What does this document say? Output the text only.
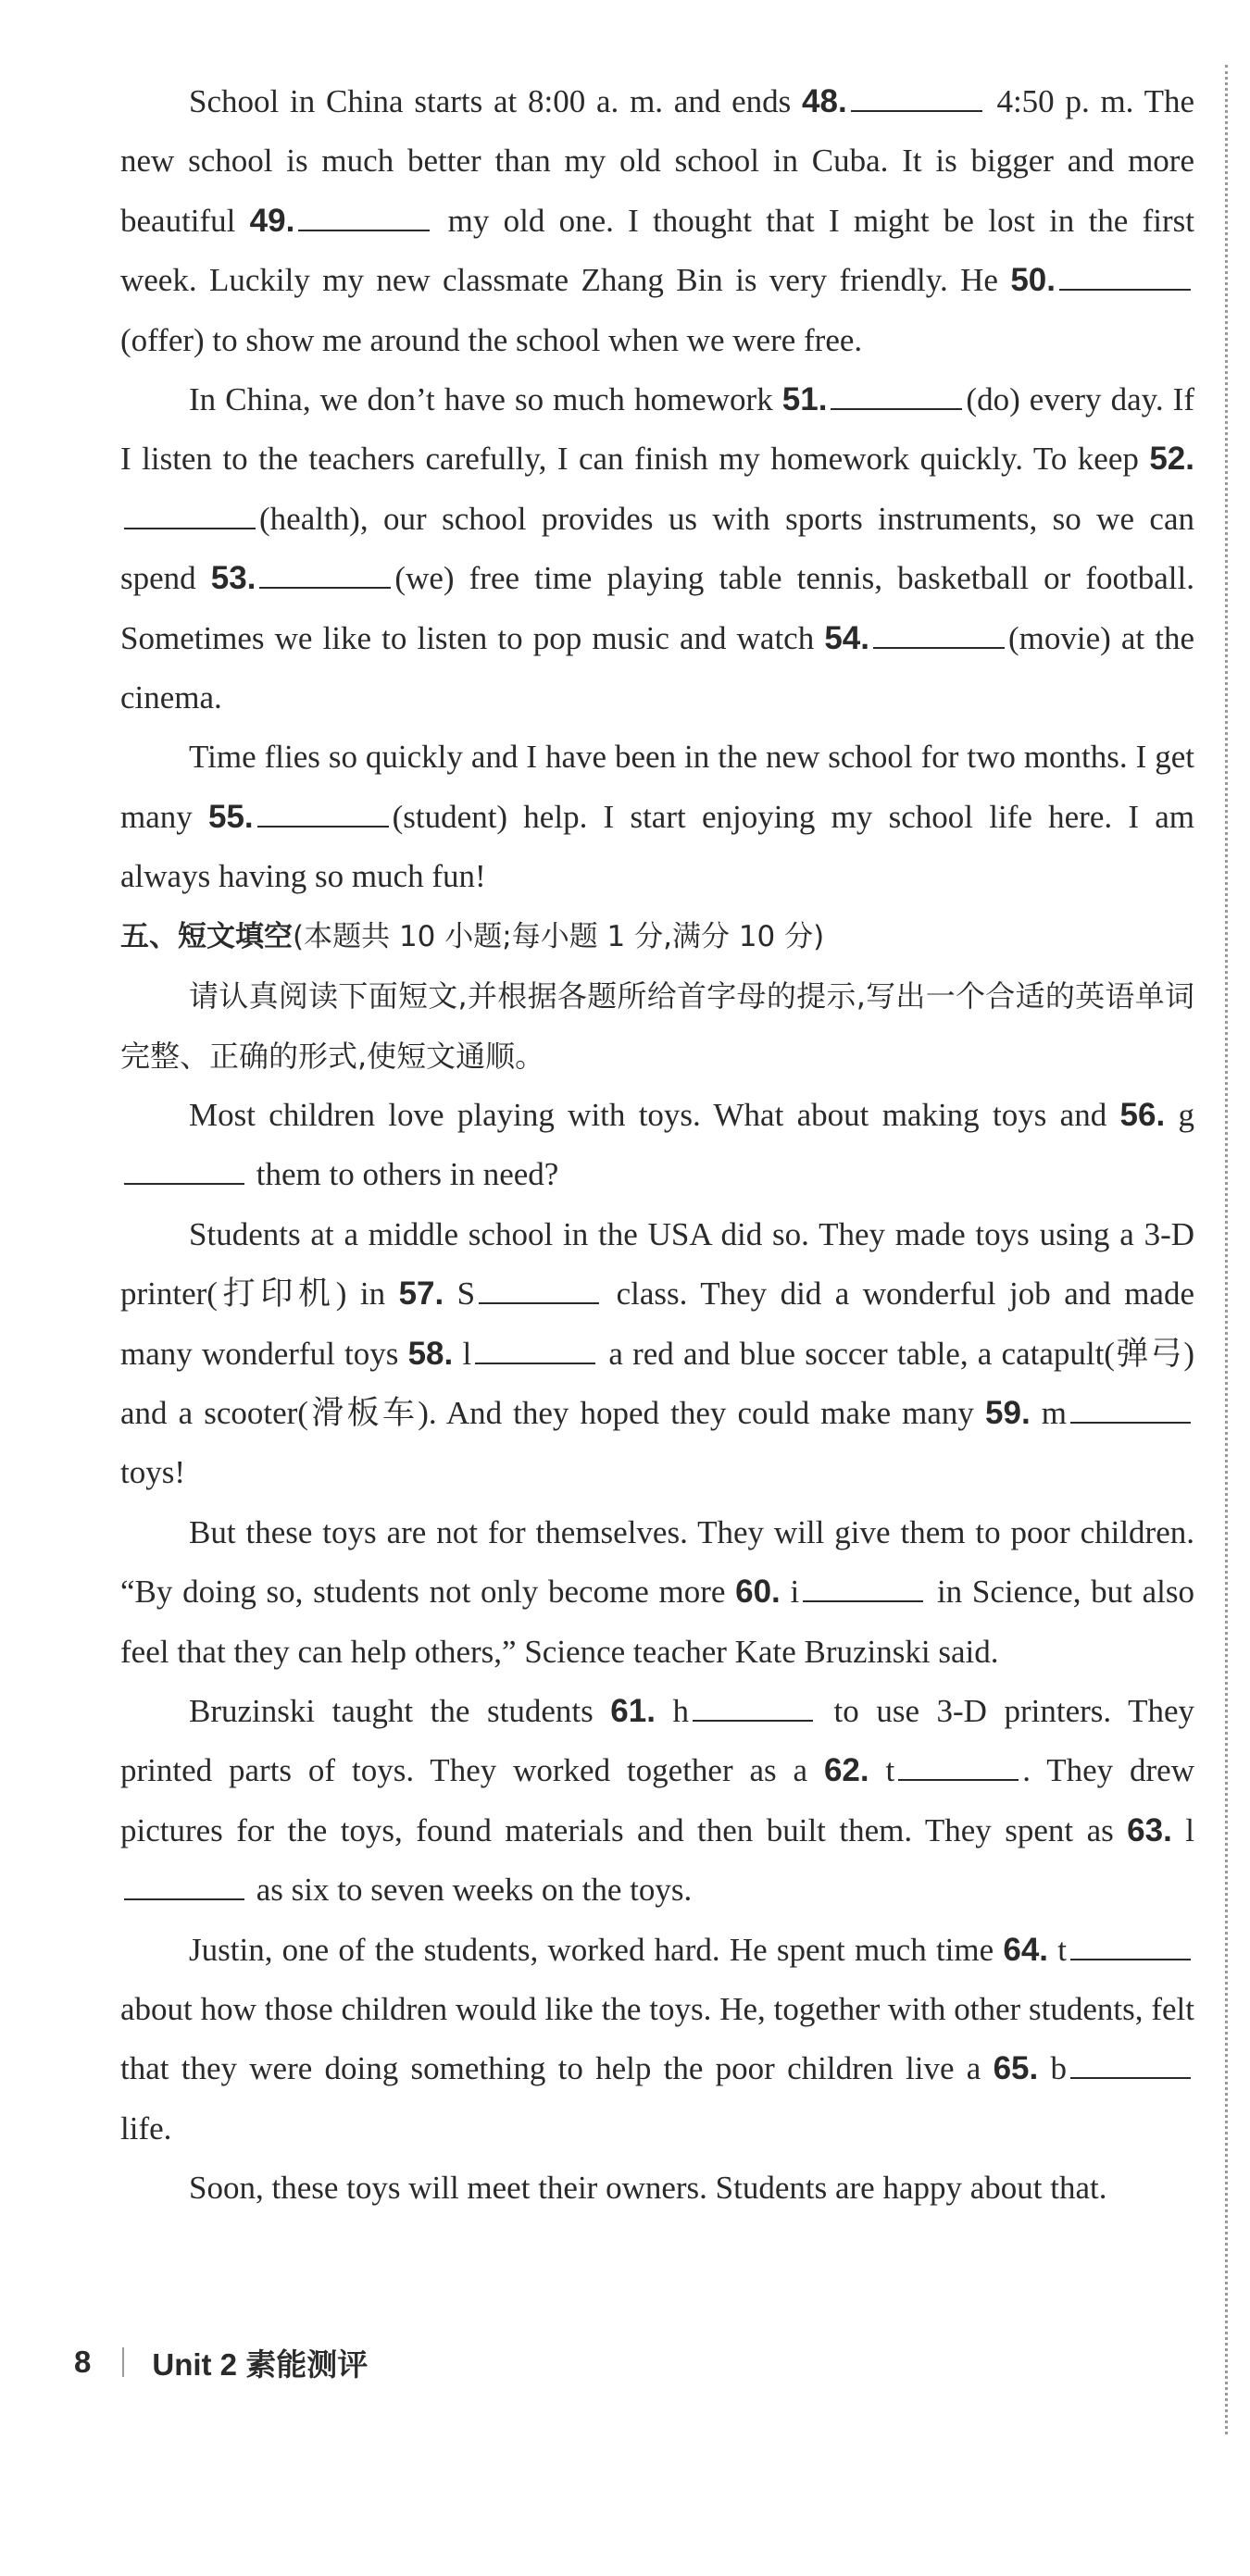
School in China starts at 8:00 a. m. and ends 48.	4:50 p. m. The new school is much better than my old school in Cuba. It is bigger and more beautiful 49.	my old one. I thought that I might be lost in the first week. Luckily my new classmate Zhang Bin is very friendly. He 50.(offer) to show me around the school when we were free.

In China, we don’t have so much homework 51.	(do) every day. If I listen to the teachers carefully, I can finish my homework quickly. To keep 52.(health), our school provides us with sports instruments, so we can spend 53.	(we) free time playing table tennis, basketball or football. Sometimes we like to listen to pop music and watch 54.	(movie) at the cinema.

Time flies so quickly and I have been in the new school for two months. I get many 55.	(student) help. I start enjoying my school life here. I am always having so much fun!

五、短文填空(本题共 10 小题;每小题 1 分,满分 10 分)

请认真阅读下面短文,并根据各题所给首字母的提示,写出一个合适的英语单词完整、正确的形式,使短文通顺。

Most children love playing with toys. What about making toys and 56. g them to others in need?

Students at a middle school in the USA did so. They made toys using a 3-D printer(打印机) in 57. S	class. They did a wonderful job and made many wonderful toys 58. l	a red and blue soccer table, a catapult(弹弓) and a scooter(滑板车). And they hoped they could make many 59. m toys!

But these toys are not for themselves. They will give them to poor children. “By doing so, students not only become more 60. i	in Science, but also feel that they can help others,” Science teacher Kate Bruzinski said.

Bruzinski taught the students 61. h	to use 3-D printers. They printed parts of toys. They worked together as a 62. t	. They drew pictures for the toys, found materials and then built them. They spent as 63. l as six to seven weeks on the toys.

Justin, one of the students, worked hard. He spent much time 64. t about how those children would like the toys. He, together with other students, felt that they were doing something to help the poor children live a 65. b life.

Soon, these toys will meet their owners. Students are happy about that.

8 Unit 2 素能测评
